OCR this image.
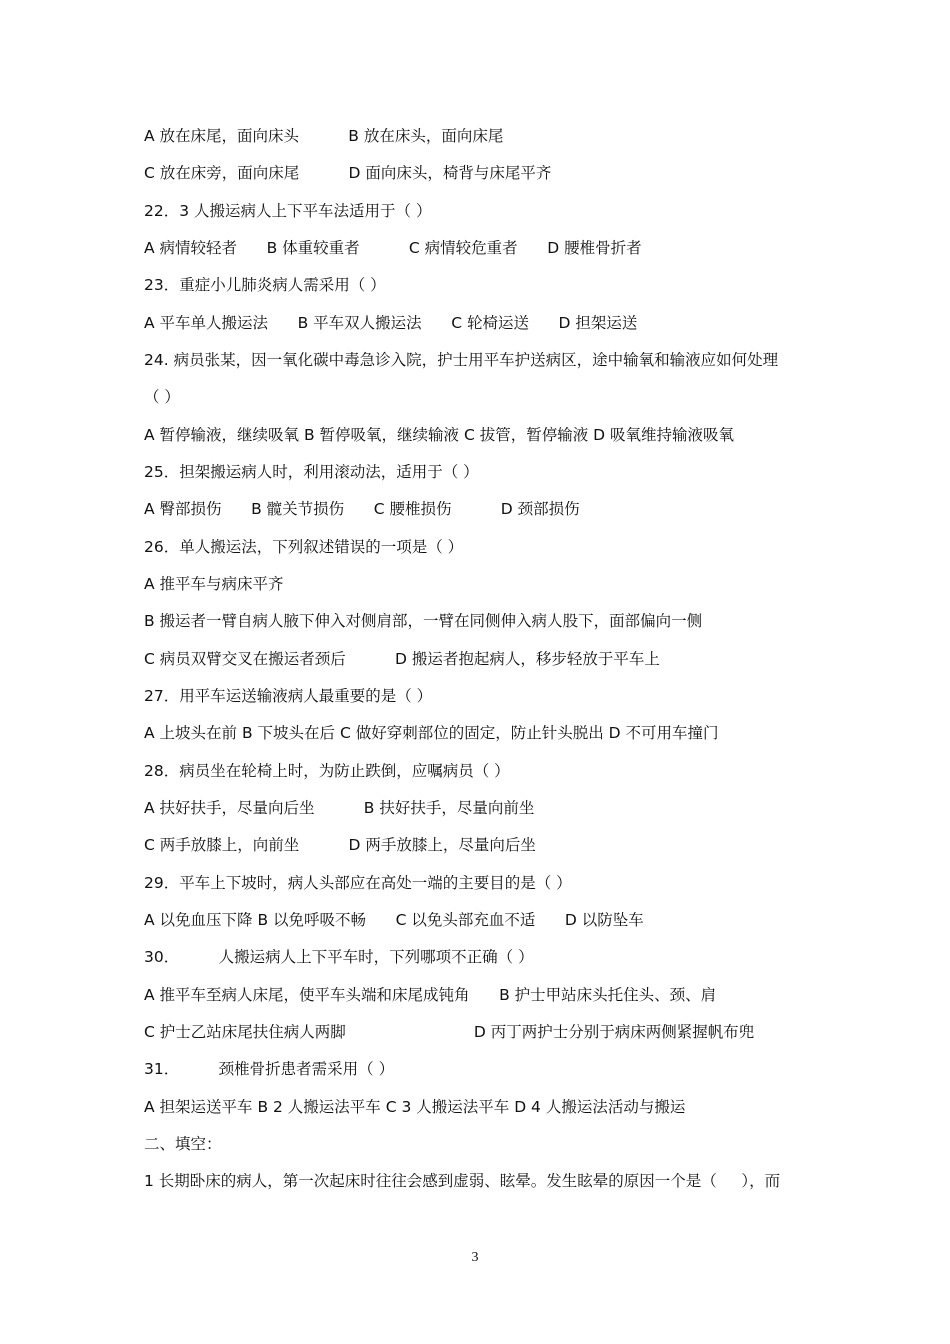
A 放在床尾，面向床头          B 放在床头，面向床尾
C 放在床旁，面向床尾          D 面向床头，椅背与床尾平齐
22．3 人搬运病人上下平车法适用于（ ）
A 病情较轻者      B 体重较重者          C 病情较危重者      D 腰椎骨折者
23．重症小儿肺炎病人需采用（ ）
A 平车单人搬运法      B 平车双人搬运法      C 轮椅运送      D 担架运送
24. 病员张某，因一氧化碳中毒急诊入院，护士用平车护送病区，途中输氧和输液应如何处理
（ ）
A 暂停输液，继续吸氧 B 暂停吸氧，继续输液 C 拔管，暂停输液 D 吸氧维持输液吸氧
25．担架搬运病人时，利用滚动法，适用于（ ）
A 臀部损伤      B 髋关节损伤      C 腰椎损伤          D 颈部损伤
26．单人搬运法，下列叙述错误的一项是（ ）
A 推平车与病床平齐
B 搬运者一臂自病人腋下伸入对侧肩部，一臂在同侧伸入病人股下，面部偏向一侧
C 病员双臂交叉在搬运者颈后          D 搬运者抱起病人，移步轻放于平车上
27．用平车运送输液病人最重要的是（ ）
A 上坡头在前 B 下坡头在后 C 做好穿刺部位的固定，防止针头脱出 D 不可用车撞门
28．病员坐在轮椅上时，为防止跌倒，应嘱病员（ ）
A 扶好扶手，尽量向后坐          B 扶好扶手，尽量向前坐
C 两手放膝上，向前坐          D 两手放膝上，尽量向后坐
29．平车上下坡时，病人头部应在高处一端的主要目的是（ ）
A 以免血压下降 B 以免呼吸不畅      C 以免头部充血不适      D 以防坠车
30．        人搬运病人上下平车时，下列哪项不正确（ ）
A 推平车至病人床尾，使平车头端和床尾成钝角      B 护士甲站床头托住头、颈、肩
C 护士乙站床尾扶住病人两脚                          D 丙丁两护士分别于病床两侧紧握帆布兜
31．        颈椎骨折患者需采用（ ）
A 担架运送平车 B 2 人搬运法平车 C 3 人搬运法平车 D 4 人搬运法活动与搬运
二、填空：
1 长期卧床的病人，第一次起床时往往会感到虚弱、眩晕。发生眩晕的原因一个是（     ），而
3
